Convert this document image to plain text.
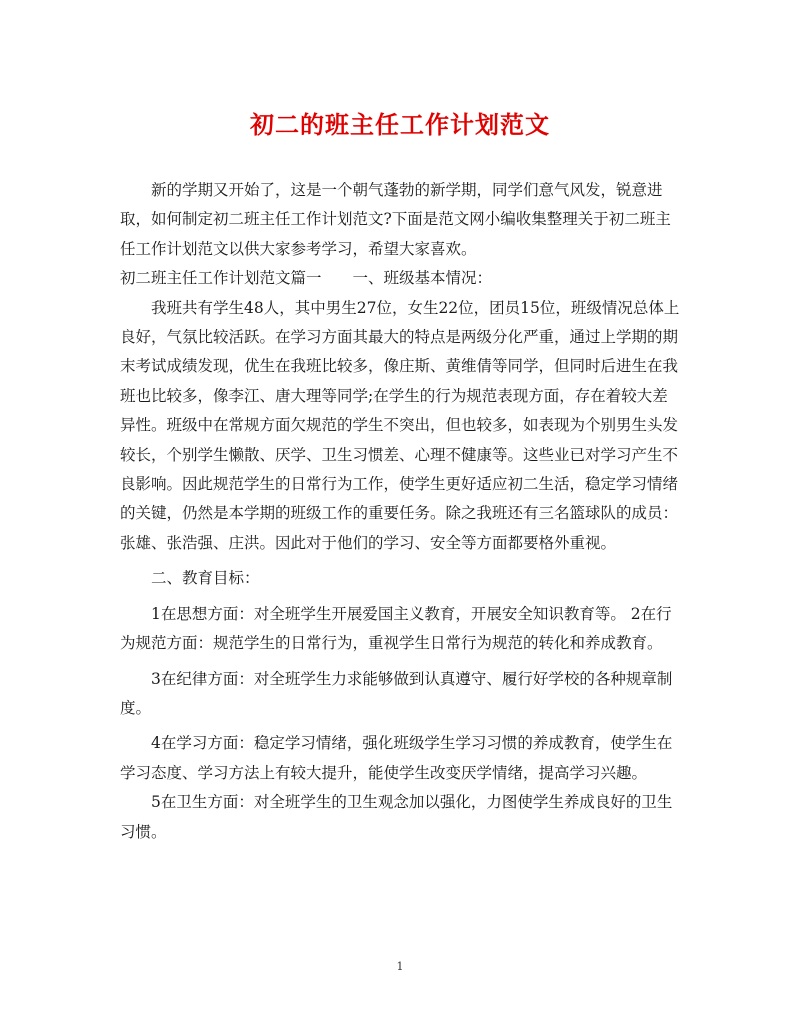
初二的班主任工作计划范文

新的学期又开始了，这是一个朝气蓬勃的新学期，同学们意气风发，锐意进取，如何制定初二班主任工作计划范文?下面是范文网小编收集整理关于初二班主任工作计划范文以供大家参考学习，希望大家喜欢。

初二班主任工作计划范文篇一　　一、班级基本情况：

我班共有学生48人，其中男生27位，女生22位，团员15位，班级情况总体上良好，气氛比较活跃。在学习方面其最大的特点是两级分化严重，通过上学期的期末考试成绩发现，优生在我班比较多，像庄斯、黄维倩等同学，但同时后进生在我班也比较多，像李江、唐大理等同学;在学生的行为规范表现方面，存在着较大差异性。班级中在常规方面欠规范的学生不突出，但也较多，如表现为个别男生头发较长，个别学生懒散、厌学、卫生习惯差、心理不健康等。这些业已对学习产生不良影响。因此规范学生的日常行为工作，使学生更好适应初二生活，稳定学习情绪的关键，仍然是本学期的班级工作的重要任务。除之我班还有三名篮球队的成员：张雄、张浩强、庄洪。因此对于他们的学习、安全等方面都要格外重视。

二、教育目标：

1在思想方面：对全班学生开展爱国主义教育，开展安全知识教育等。 2在行为规范方面：规范学生的日常行为，重视学生日常行为规范的转化和养成教育。

3在纪律方面：对全班学生力求能够做到认真遵守、履行好学校的各种规章制度。

4在学习方面：稳定学习情绪，强化班级学生学习习惯的养成教育，使学生在学习态度、学习方法上有较大提升，能使学生改变厌学情绪，提高学习兴趣。

5在卫生方面：对全班学生的卫生观念加以强化，力图使学生养成良好的卫生习惯。

1
